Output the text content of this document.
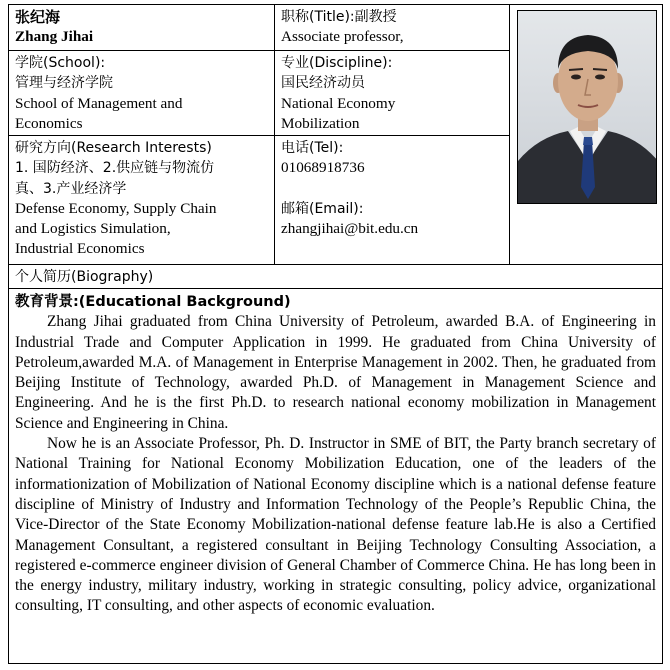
张纪海
Zhang Jihai
职称(Title):副教授
Associate professor,
学院(School):
管理与经济学院
School of Management and
Economics
专业(Discipline):
国民经济动员
National Economy
Mobilization
研究方向(Research Interests)
1. 国防经济、2.供应链与物流仿
真、3.产业经济学
Defense Economy, Supply Chain
and Logistics Simulation,
Industrial Economics
电话(Tel):
01068918736
邮箱(Email):
zhangjihai@bit.edu.cn
个人简历(Biography)
教育背景:(Educational Background)

Zhang Jihai graduated from China University of Petroleum, awarded B.A. of Engineering in Industrial Trade and Computer Application in 1999. He graduated from China University of Petroleum,awarded M.A. of Management in Enterprise Management in 2002. Then, he graduated from Beijing Institute of Technology, awarded Ph.D. of Management in Management Science and Engineering. And he is the first Ph.D. to research national economy mobilization in Management Science and Engineering in China.

Now he is an Associate Professor, Ph. D. Instructor in SME of BIT, the Party branch secretary of National Training for National Economy Mobilization Education, one of the leaders of the informationization of Mobilization of National Economy discipline which is a national defense feature discipline of Ministry of Industry and Information Technology of the People’s Republic China, the Vice-Director of the State Economy Mobilization-national defense feature lab.He is also a Certified Management Consultant, a registered consultant in Beijing Technology Consulting Association, a registered e-commerce engineer division of General Chamber of Commerce China. He has long been in the energy industry, military industry, working in strategic consulting, policy advice, organizational consulting, IT consulting, and other aspects of economic evaluation.
